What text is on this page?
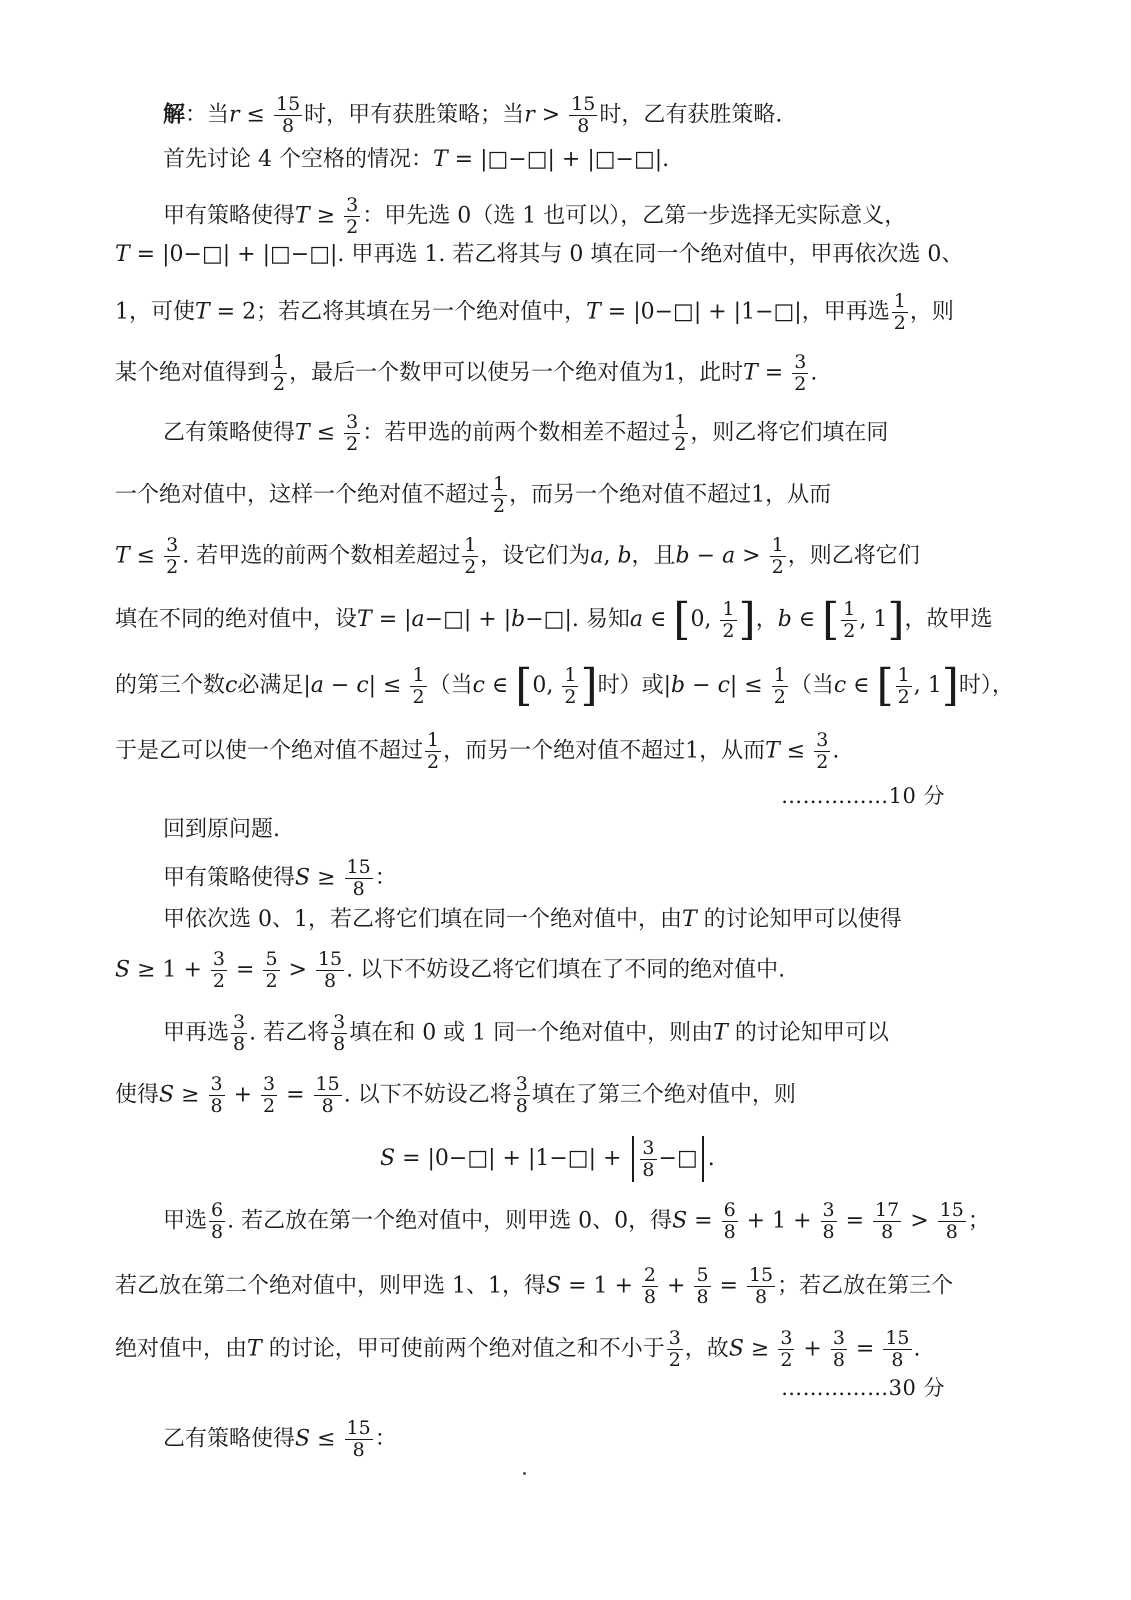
解：当$r \le \frac{15}{8}$ 时，甲有获胜策略；当$r > \frac{15}{8}$ 时，乙有获胜策略.
首先讨论 4 个空格的情况：T = |□−□| + |□−□|.
甲有策略使得$T \ge \frac{3}{2}$ ：甲先选 0（选 1 也可以），乙第一步选择无实际意义，
T = |0−□| + |□−□|. 甲再选 1. 若乙将其与 0 填在同一个绝对值中，甲再依次选 0、
1，可使T = 2；若乙将其填在另一个绝对值中，T = |0−□| + |1−□|，甲再选 $\frac{1}{2}$ ，则
某个绝对值得到 $\frac{1}{2}$ ，最后一个数甲可以使另一个绝对值为1，此时$T = \frac{3}{2}$ .
乙有策略使得$T \le \frac{3}{2}$ ：若甲选的前两个数相差不超过 $\frac{1}{2}$ ，则乙将它们填在同
一个绝对值中，这样一个绝对值不超过 $\frac{1}{2}$ ，而另一个绝对值不超过1，从而
$T \le \frac{3}{2}$ . 若甲选的前两个数相差超过 $\frac{1}{2}$ ，设它们为a, b，且$b - a > \frac{1}{2}$ ，则乙将它们
填在不同的绝对值中，设T = |a−□| + |b−□|. 易知a ∈ [0, $\frac{1}{2}$ ]，b ∈ [ $\frac{1}{2}$ , 1]，故甲选
的第三个数c必满足$|a - c| \le \frac{1}{2}$ （当c ∈ [0, $\frac{1}{2}$ ]时）或$|b - c| \le \frac{1}{2}$ （当c ∈ [ $\frac{1}{2}$ , 1]时），
于是乙可以使一个绝对值不超过 $\frac{1}{2}$ ，而另一个绝对值不超过1，从而$T \le \frac{3}{2}$ .
……………10 分
回到原问题.
甲有策略使得$S \ge \frac{15}{8}$ ：
甲依次选 0、1，若乙将它们填在同一个绝对值中，由T 的讨论知甲可以使得
$S \ge 1 + \frac{3}{2} = \frac{5}{2} > \frac{15}{8}$ . 以下不妨设乙将它们填在了不同的绝对值中.
甲再选 $\frac{3}{8}$ . 若乙将 $\frac{3}{8}$ 填在和 0 或 1 同一个绝对值中，则由T 的讨论知甲可以
使得$S \ge \frac{3}{8} + \frac{3}{2} = \frac{15}{8}$ . 以下不妨设乙将 $\frac{3}{8}$ 填在了第三个绝对值中，则
S = |0−□| + |1−□| + $\frac{3}{8}$ −□ .
甲选 $\frac{6}{8}$ . 若乙放在第一个绝对值中，则甲选 0、0，得$S = \frac{6}{8} + 1 + \frac{3}{8} = \frac{17}{8} > \frac{15}{8}$ ；
若乙放在第二个绝对值中，则甲选 1、1，得$S = 1 + \frac{2}{8} + \frac{5}{8} = \frac{15}{8}$ ；若乙放在第三个
绝对值中，由T 的讨论，甲可使前两个绝对值之和不小于 $\frac{3}{2}$ ，故$S \ge \frac{3}{2} + \frac{3}{8} = \frac{15}{8}$ .
……………30 分
乙有策略使得$S \le \frac{15}{8}$ ：
